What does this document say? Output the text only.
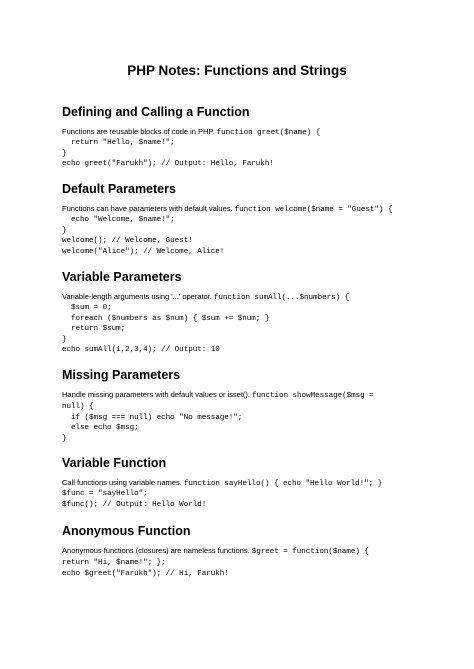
PHP Notes: Functions and Strings
Defining and Calling a Function
Functions are reusable blocks of code in PHP. function greet($name) {
return "Hello, $name!";
}
echo greet("Farukh"); // Output: Hello, Farukh!
Default Parameters
Functions can have parameters with default values. function welcome($name = "Guest") {
echo "Welcome, $name!";
}
welcome(); // Welcome, Guest!
welcome("Alice"); // Welcome, Alice!
Variable Parameters
Variable-length arguments using '...' operator. function sumAll(...$numbers) {
$sum = 0;
foreach ($numbers as $num) { $sum += $num; }
return $sum;
}
echo sumAll(1,2,3,4); // Output: 10
Missing Parameters
Handle missing parameters with default values or isset(). function showMessage($msg =
null) {
if ($msg === null) echo "No message!";
else echo $msg;
}
Variable Function
Call functions using variable names. function sayHello() { echo "Hello World!"; }
$func = "sayHello";
$func(); // Output: Hello World!
Anonymous Function
Anonymous functions (closures) are nameless functions. $greet = function($name) {
return "Hi, $name!"; };
echo $greet("Farukh"); // Hi, Farukh!
